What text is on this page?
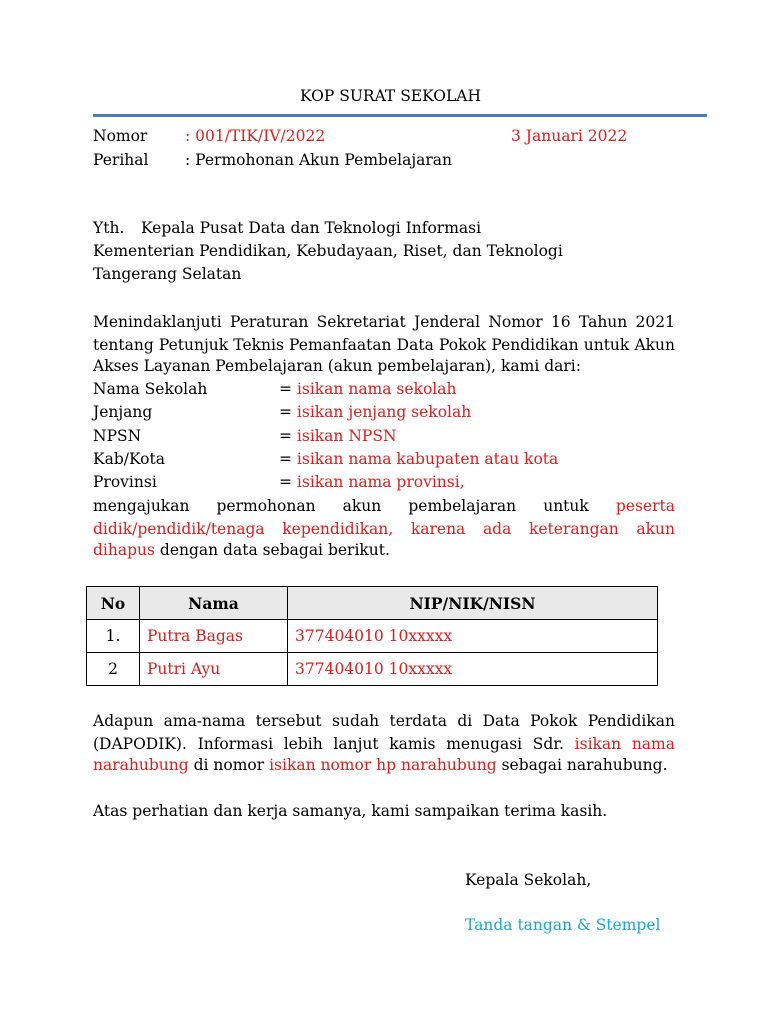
KOP SURAT SEKOLAH
Nomor : 001/TIK/IV/2022	3 Januari 2022
Perihal : Permohonan Akun Pembelajaran
Yth. Kepala Pusat Data dan Teknologi Informasi
Kementerian Pendidikan, Kebudayaan, Riset, dan Teknologi
Tangerang Selatan
Menindaklanjuti Peraturan Sekretariat Jenderal Nomor 16 Tahun 2021
tentang Petunjuk Teknis Pemanfaatan Data Pokok Pendidikan untuk Akun
Akses Layanan Pembelajaran (akun pembelajaran), kami dari:
Nama Sekolah	= isikan nama sekolah
Jenjang	= isikan jenjang sekolah
NPSN	= isikan NPSN
Kab/Kota	= isikan nama kabupaten atau kota
Provinsi	= isikan nama provinsi,
mengajukan permohonan akun pembelajaran untuk peserta
didik/pendidik/tenaga kependidikan, karena ada keterangan akun
dihapus dengan data sebagai berikut.
No	Nama	NIP/NIK/NISN
1.	Putra Bagas	377404010 10xxxxx
2	Putri Ayu	377404010 10xxxxx
Adapun ama-nama tersebut sudah terdata di Data Pokok Pendidikan
(DAPODIK). Informasi lebih lanjut kamis menugasi Sdr. isikan nama
narahubung di nomor isikan nomor hp narahubung sebagai narahubung.
Atas perhatian dan kerja samanya, kami sampaikan terima kasih.
Kepala Sekolah,
Tanda tangan & Stempel
